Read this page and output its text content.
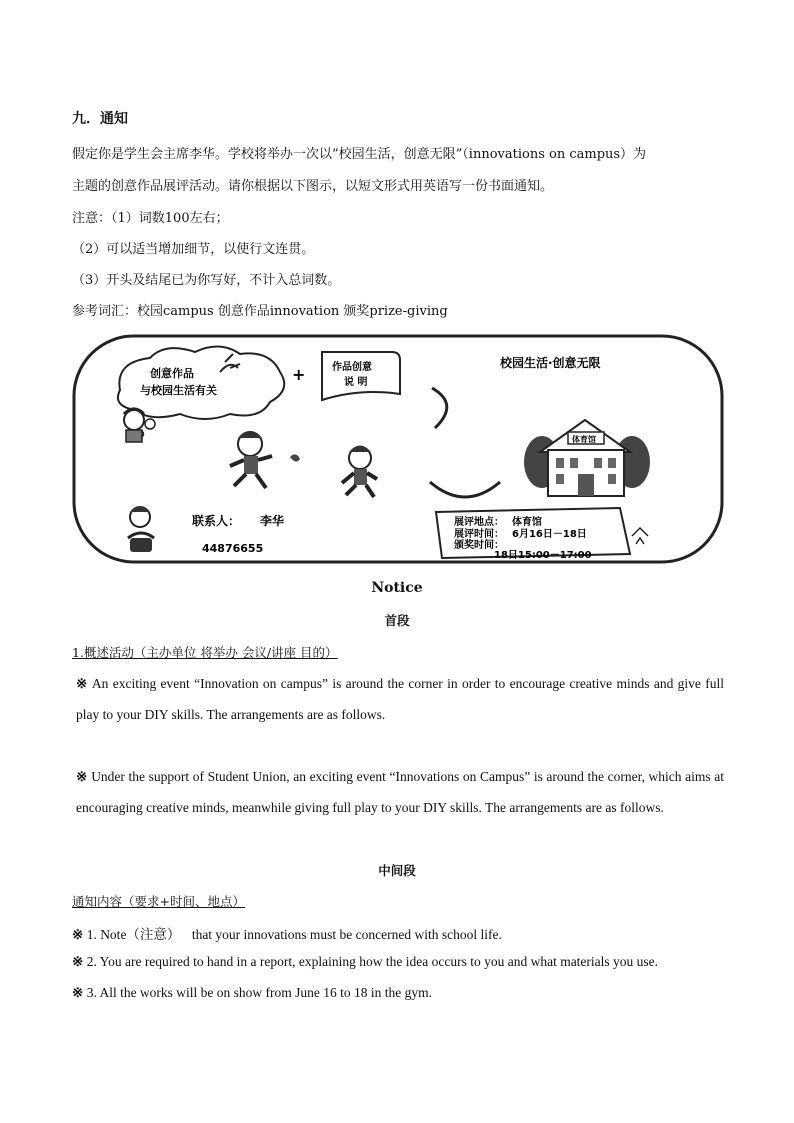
九．通知
假定你是学生会主席李华。学校将举办一次以”校园生活，创意无限”（innovations on campus）为
主题的创意作品展评活动。请你根据以下图示，以短文形式用英语写一份书面通知。
注意：（1）词数100左右；
（2）可以适当增加细节，以使行文连贯。
（3）开头及结尾已为你写好，不计入总词数。
参考词汇：校园campus 创意作品innovation 颁奖prize-giving
创意作品
与校园生活有关
+	作品创意
说 明
校园生活·创意无限
体育馆
联系人： 李华
44876655
展评地点： 体育馆
展评时间： 6月16日－18日
颁奖时间：
18日15:00－17:00
Notice
首段
1.概述活动（主办单位 将举办 会议/讲座 目的）
※ An exciting event “Innovation on campus” is around the corner in order to encourage creative minds and give full play to your DIY skills. The arrangements are as follows.
※ Under the support of Student Union, an exciting event “Innovations on Campus” is around the corner, which aims at encouraging creative minds, meanwhile giving full play to your DIY skills. The arrangements are as follows.
中间段
通知内容（要求+时间、地点）
※ 1. Note（注意） that your innovations must be concerned with school life.
※ 2. You are required to hand in a report, explaining how the idea occurs to you and what materials you use.
※ 3. All the works will be on show from June 16 to 18 in the gym.
